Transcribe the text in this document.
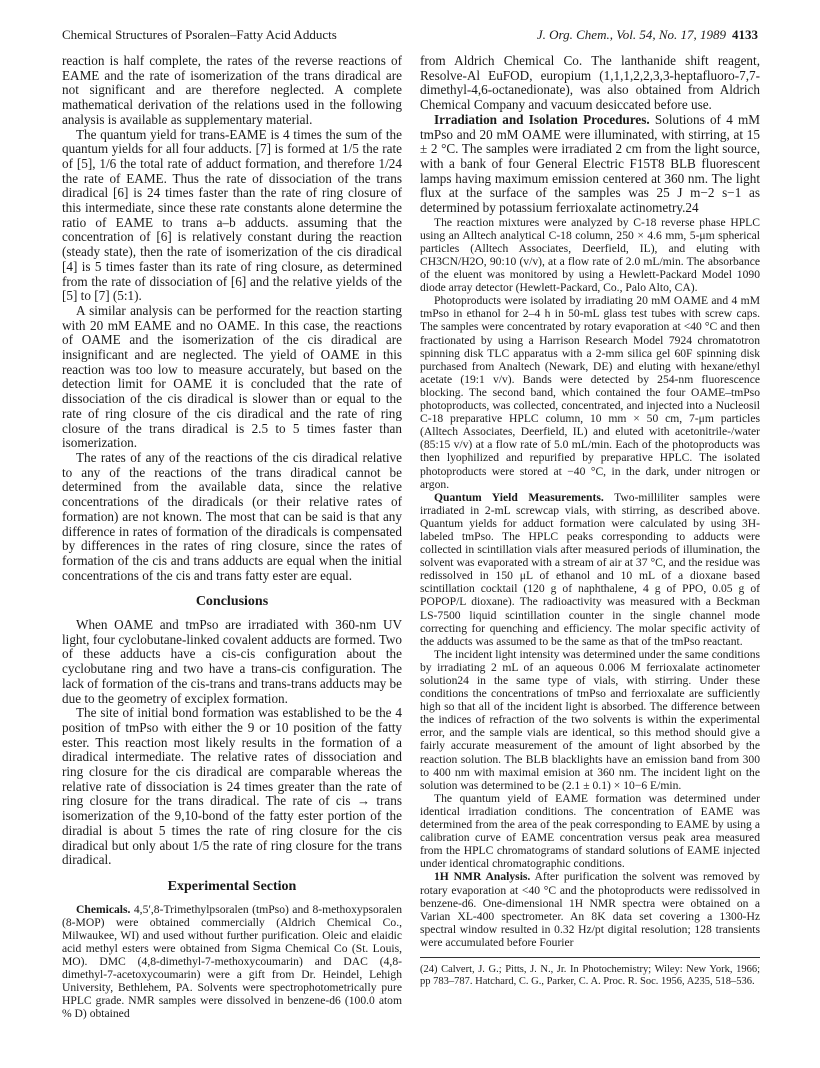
Chemical Structures of Psoralen–Fatty Acid Adducts	J. Org. Chem., Vol. 54, No. 17, 1989 4133

reaction is half complete, the rates of the reverse reactions of EAME and the rate of isomerization of the trans diradical are not significant and are therefore neglected. A complete mathematical derivation of the relations used in the following analysis is available as supplementary material.

The quantum yield for trans-EAME is 4 times the sum of the quantum yields for all four adducts. [7] is formed at 1/5 the rate of [5], 1/6 the total rate of adduct formation, and therefore 1/24 the rate of EAME. Thus the rate of dissociation of the trans diradical [6] is 24 times faster than the rate of ring closure of this intermediate, since these rate constants alone determine the ratio of EAME to trans a–b adducts. assuming that the concentration of [6] is relatively constant during the reaction (steady state), then the rate of isomerization of the cis diradical [4] is 5 times faster than its rate of ring closure, as determined from the rate of dissociation of [6] and the relative yields of the [5] to [7] (5:1).

A similar analysis can be performed for the reaction starting with 20 mM EAME and no OAME. In this case, the reactions of OAME and the isomerization of the cis diradical are insignificant and are neglected. The yield of OAME in this reaction was too low to measure accurately, but based on the detection limit for OAME it is concluded that the rate of dissociation of the cis diradical is slower than or equal to the rate of ring closure of the cis diradical and the rate of ring closure of the trans diradical is 2.5 to 5 times faster than isomerization.

The rates of any of the reactions of the cis diradical relative to any of the reactions of the trans diradical cannot be determined from the available data, since the relative concentrations of the diradicals (or their relative rates of formation) are not known. The most that can be said is that any difference in rates of formation of the diradicals is compensated by differences in the rates of ring closure, since the rates of formation of the cis and trans adducts are equal when the initial concentrations of the cis and trans fatty ester are equal.

Conclusions

When OAME and tmPso are irradiated with 360-nm UV light, four cyclobutane-linked covalent adducts are formed. Two of these adducts have a cis-cis configuration about the cyclobutane ring and two have a trans-cis configuration. The lack of formation of the cis-trans and trans-trans adducts may be due to the geometry of exciplex formation.

The site of initial bond formation was established to be the 4 position of tmPso with either the 9 or 10 position of the fatty ester. This reaction most likely results in the formation of a diradical intermediate. The relative rates of dissociation and ring closure for the cis diradical are comparable whereas the relative rate of dissociation is 24 times greater than the rate of ring closure for the trans diradical. The rate of cis → trans isomerization of the 9,10-bond of the fatty ester portion of the diradial is about 5 times the rate of ring closure for the cis diradical but only about 1/5 the rate of ring closure for the trans diradical.

Experimental Section

Chemicals. 4,5′,8-Trimethylpsoralen (tmPso) and 8-methoxypsoralen (8-MOP) were obtained commercially (Aldrich Chemical Co., Milwaukee, WI) and used without further purification. Oleic and elaidic acid methyl esters were obtained from Sigma Chemical Co (St. Louis, MO). DMC (4,8-dimethyl-7-methoxycoumarin) and DAC (4,8-dimethyl-7-acetoxycoumarin) were a gift from Dr. Heindel, Lehigh University, Bethlehem, PA. Solvents were spectrophotometrically pure HPLC grade. NMR samples were dissolved in benzene-d6 (100.0 atom % D) obtained

from Aldrich Chemical Co. The lanthanide shift reagent, Resolve-Al EuFOD, europium (1,1,1,2,2,3,3-heptafluoro-7,7-dimethyl-4,6-octanedionate), was also obtained from Aldrich Chemical Company and vacuum desiccated before use.

Irradiation and Isolation Procedures. Solutions of 4 mM tmPso and 20 mM OAME were illuminated, with stirring, at 15 ± 2 °C. The samples were irradiated 2 cm from the light source, with a bank of four General Electric F15T8 BLB fluorescent lamps having maximum emission centered at 360 nm. The light flux at the surface of the samples was 25 J m−2 s−1 as determined by potassium ferrioxalate actinometry.24

The reaction mixtures were analyzed by C-18 reverse phase HPLC using an Alltech analytical C-18 column, 250 × 4.6 mm, 5-μm spherical particles (Alltech Associates, Deerfield, IL), and eluting with CH3CN/H2O, 90:10 (v/v), at a flow rate of 2.0 mL/min. The absorbance of the eluent was monitored by using a Hewlett-Packard Model 1090 diode array detector (Hewlett-Packard, Co., Palo Alto, CA).

Photoproducts were isolated by irradiating 20 mM OAME and 4 mM tmPso in ethanol for 2–4 h in 50-mL glass test tubes with screw caps. The samples were concentrated by rotary evaporation at <40 °C and then fractionated by using a Harrison Research Model 7924 chromatotron spinning disk TLC apparatus with a 2-mm silica gel 60F spinning disk purchased from Analtech (Newark, DE) and eluting with hexane/ethyl acetate (19:1 v/v). Bands were detected by 254-nm fluorescence blocking. The second band, which contained the four OAME–tmPso photoproducts, was collected, concentrated, and injected into a Nucleosil C-18 preparative HPLC column, 10 mm × 50 cm, 7-μm particles (Alltech Associates, Deerfield, IL) and eluted with acetonitrile-/water (85:15 v/v) at a flow rate of 5.0 mL/min. Each of the photoproducts was then lyophilized and repurified by preparative HPLC. The isolated photoproducts were stored at −40 °C, in the dark, under nitrogen or argon.

Quantum Yield Measurements. Two-milliliter samples were irradiated in 2-mL screwcap vials, with stirring, as described above. Quantum yields for adduct formation were calculated by using 3H-labeled tmPso. The HPLC peaks corresponding to adducts were collected in scintillation vials after measured periods of illumination, the solvent was evaporated with a stream of air at 37 °C, and the residue was redissolved in 150 μL of ethanol and 10 mL of a dioxane based scintillation cocktail (120 g of naphthalene, 4 g of PPO, 0.05 g of POPOP/L dioxane). The radioactivity was measured with a Beckman LS-7500 liquid scintillation counter in the single channel mode correcting for quenching and efficiency. The molar specific activity of the adducts was assumed to be the same as that of the tmPso reactant.

The incident light intensity was determined under the same conditions by irradiating 2 mL of an aqueous 0.006 M ferrioxalate actinometer solution24 in the same type of vials, with stirring. Under these conditions the concentrations of tmPso and ferrioxalate are sufficiently high so that all of the incident light is absorbed. The difference between the indices of refraction of the two solvents is within the experimental error, and the sample vials are identical, so this method should give a fairly accurate measurement of the amount of light absorbed by the reaction solution. The BLB blacklights have an emission band from 300 to 400 nm with maximal emision at 360 nm. The incident light on the solution was determined to be (2.1 ± 0.1) × 10−6 E/min.

The quantum yield of EAME formation was determined under identical irradiation conditions. The concentration of EAME was determined from the area of the peak corresponding to EAME by using a calibration curve of EAME concentration versus peak area measured from the HPLC chromatograms of standard solutions of EAME injected under identical chromatographic conditions.

1H NMR Analysis. After purification the solvent was removed by rotary evaporation at <40 °C and the photoproducts were redissolved in benzene-d6. One-dimensional 1H NMR spectra were obtained on a Varian XL-400 spectrometer. An 8K data set covering a 1300-Hz spectral window resulted in 0.32 Hz/pt digital resolution; 128 transients were accumulated before Fourier

(24) Calvert, J. G.; Pitts, J. N., Jr. In Photochemistry; Wiley: New York, 1966; pp 783–787. Hatchard, C. G., Parker, C. A. Proc. R. Soc. 1956, A235, 518–536.
